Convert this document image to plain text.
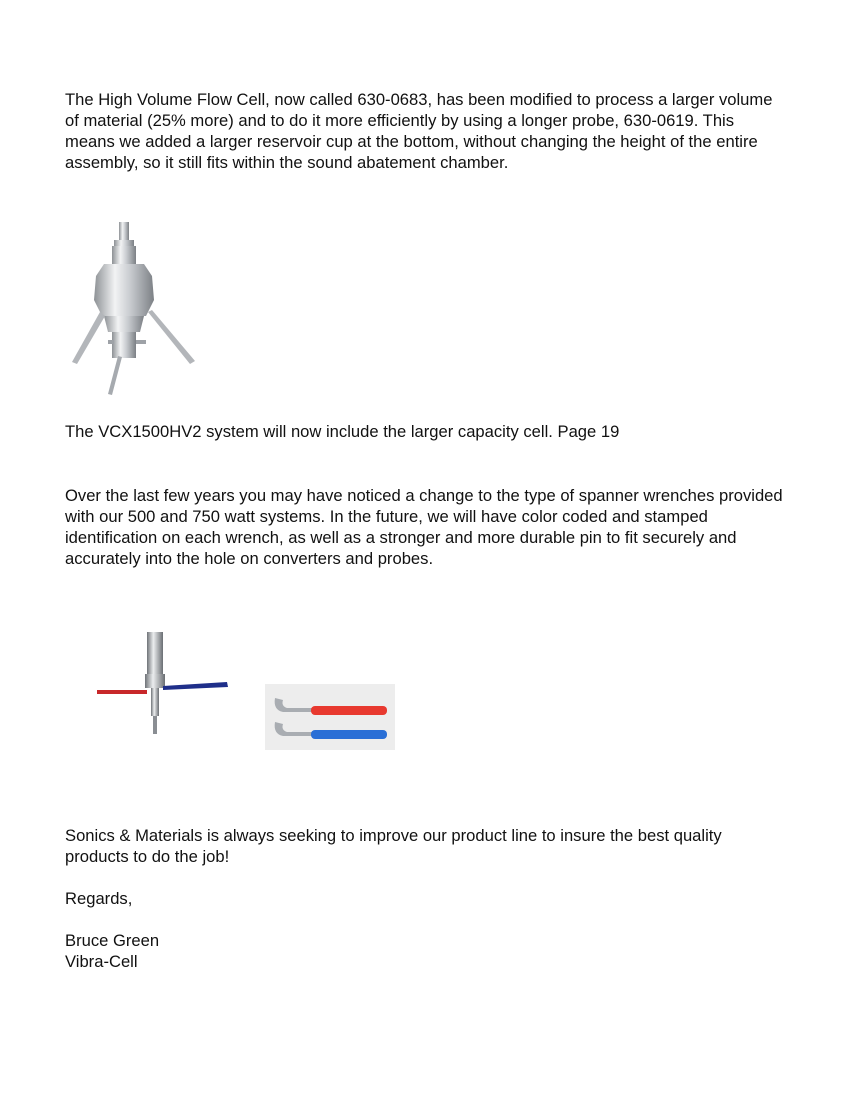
The High Volume Flow Cell, now called 630-0683, has been modified to process a larger volume of material (25% more) and to do it more efficiently by using a longer probe, 630-0619. This means we added a larger reservoir cup at the bottom, without changing the height of the entire assembly, so it still fits within the sound abatement chamber.

The VCX1500HV2 system will now include the larger capacity cell. Page 19

Over the last few years you may have noticed a change to the type of spanner wrenches provided with our 500 and 750 watt systems. In the future, we will have color coded and stamped identification on each wrench, as well as a stronger and more durable pin to fit securely and accurately into the hole on converters and probes.

Sonics & Materials is always seeking to improve our product line to insure the best quality products to do the job!

Regards,

Bruce Green

Vibra-Cell
